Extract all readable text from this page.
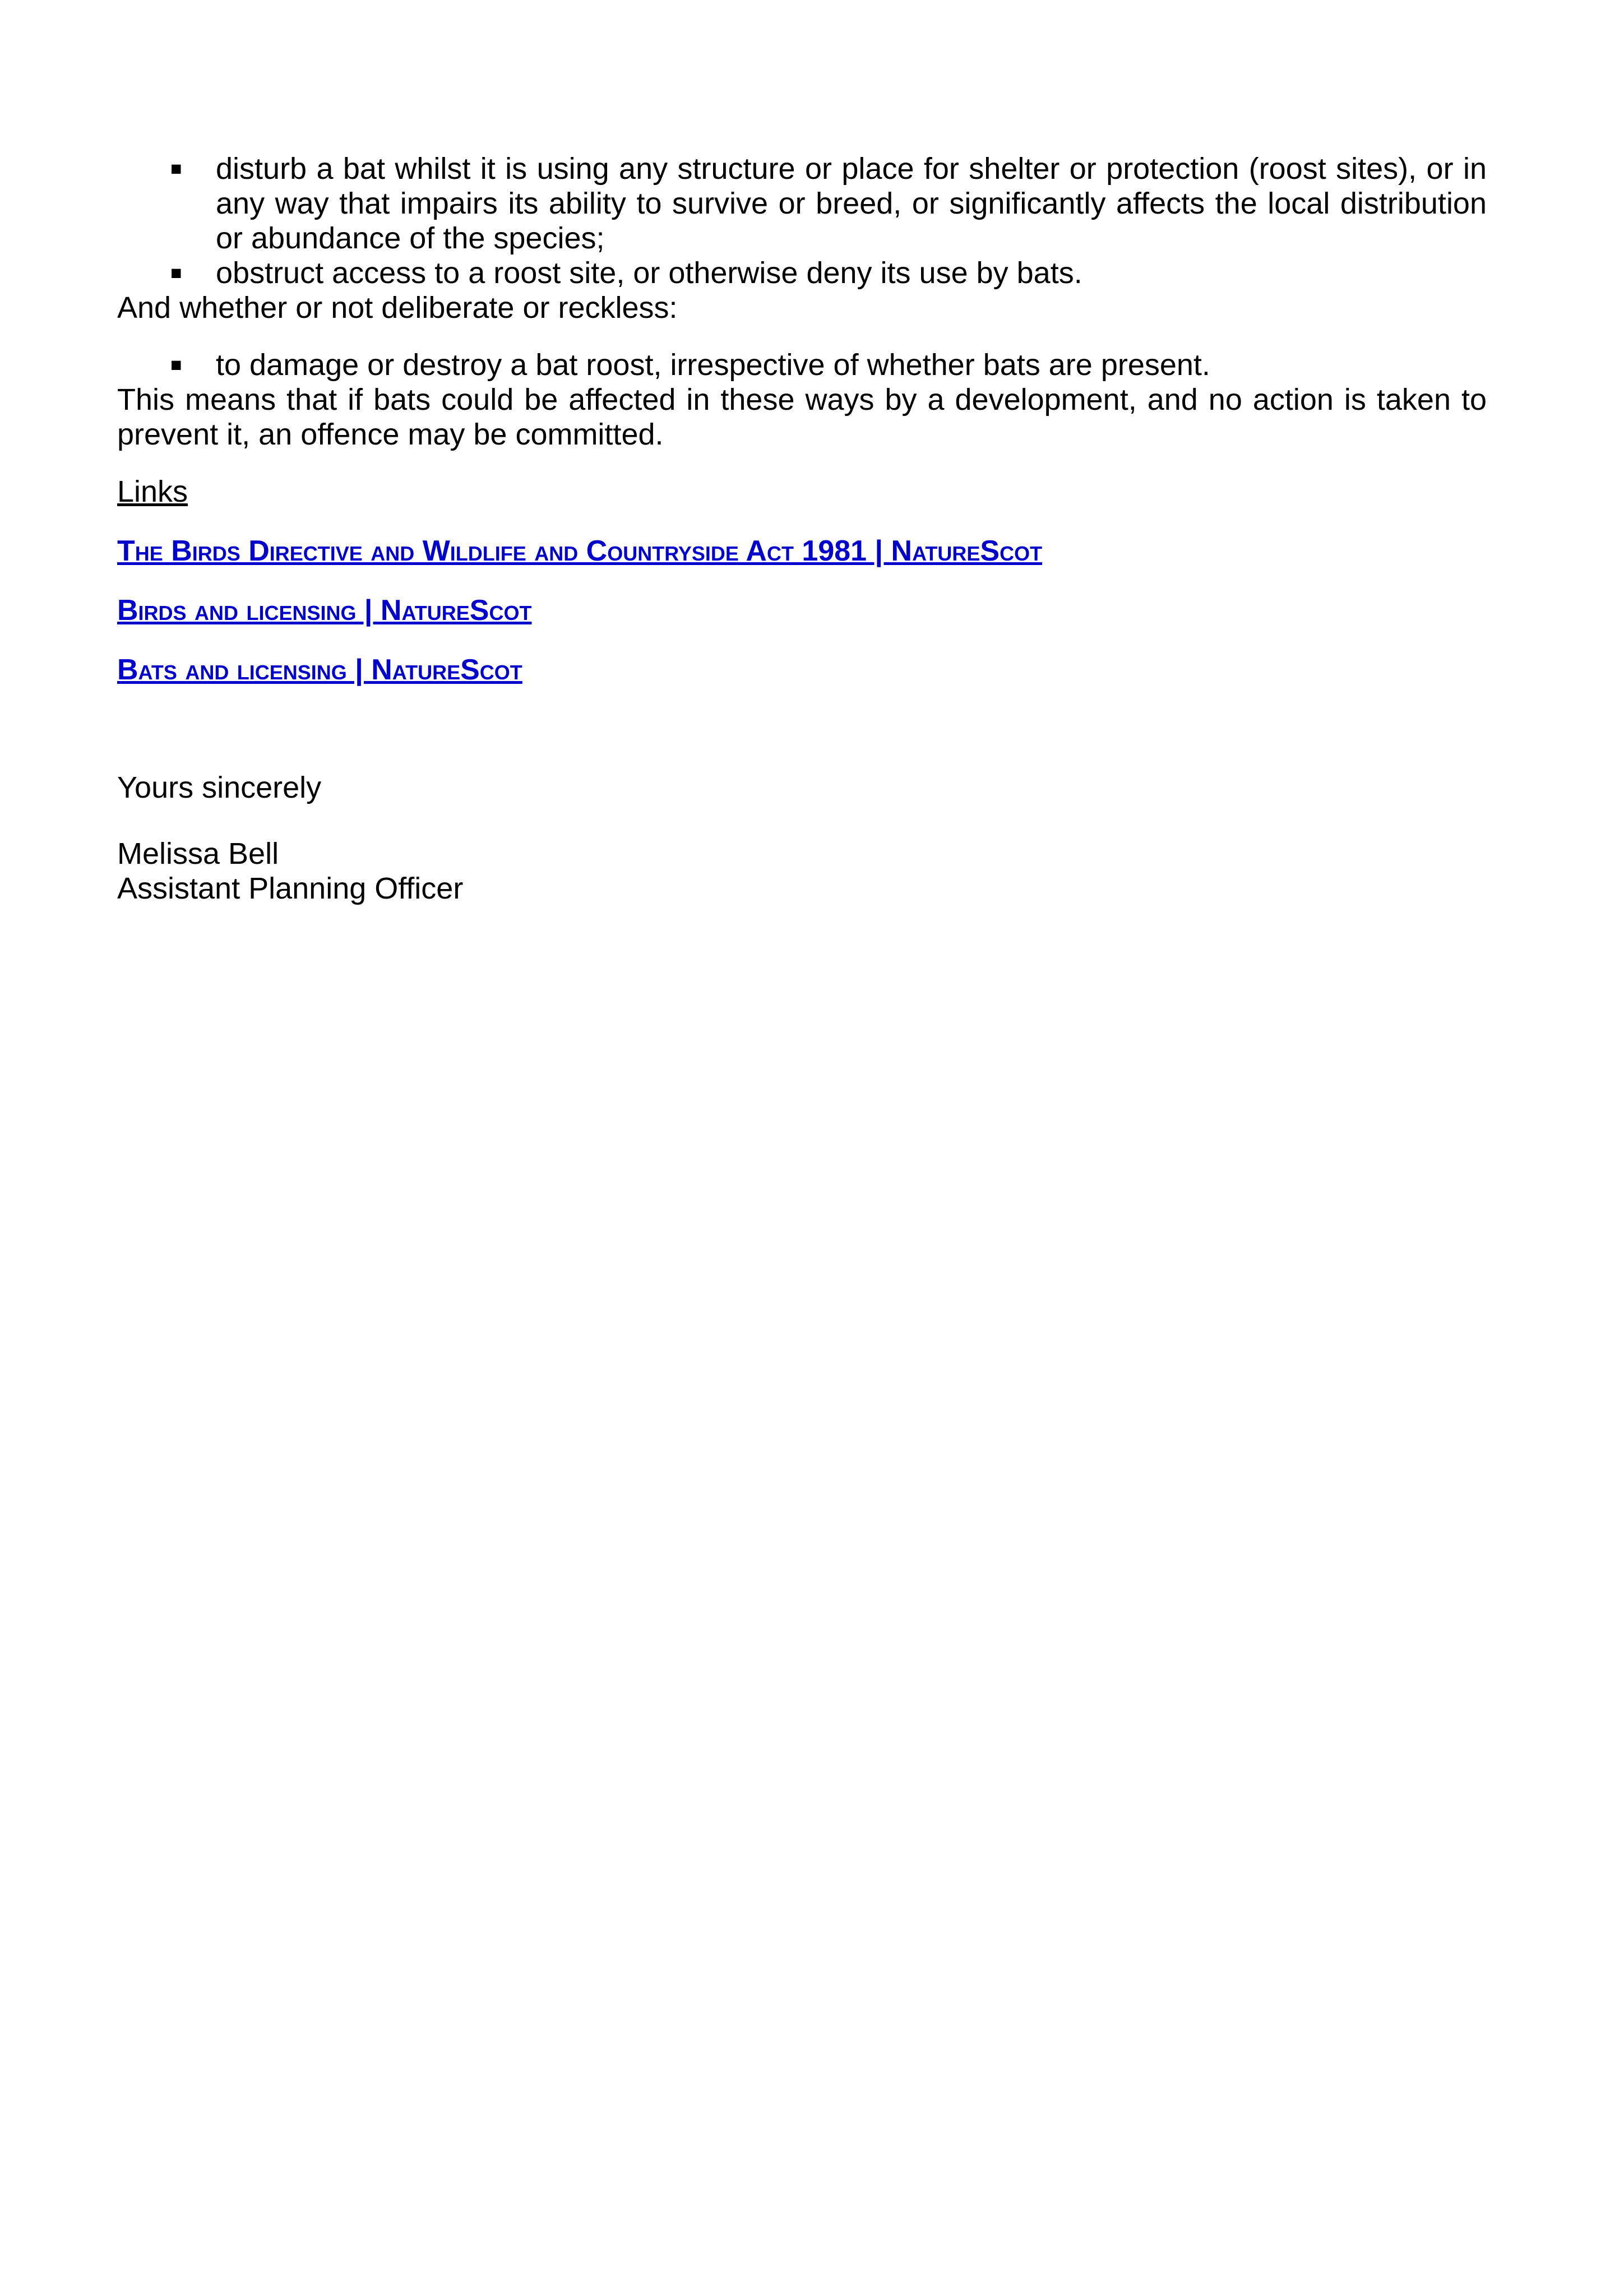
■ disturb a bat whilst it is using any structure or place for shelter or protection (roost sites), or in any way that impairs its ability to survive or breed, or significantly affects the local distribution or abundance of the species;
■ obstruct access to a roost site, or otherwise deny its use by bats.

And whether or not deliberate or reckless:

■ to damage or destroy a bat roost, irrespective of whether bats are present.

This means that if bats could be affected in these ways by a development, and no action is taken to prevent it, an offence may be committed.

Links

The Birds Directive and Wildlife and Countryside Act 1981 | NatureScot
Birds and licensing | NatureScot
Bats and licensing | NatureScot

Yours sincerely

Melissa Bell

Assistant Planning Officer
